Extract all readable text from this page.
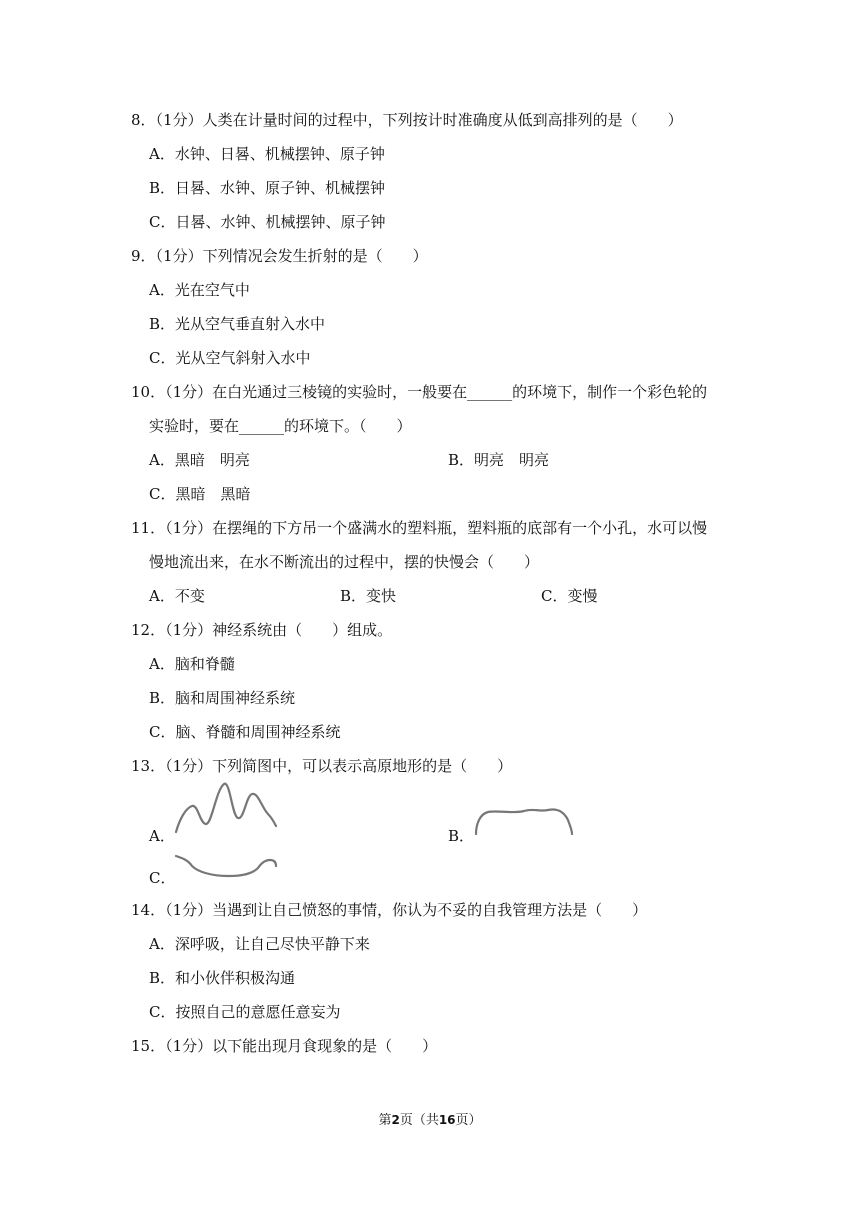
8．（1分）人类在计量时间的过程中，下列按计时准确度从低到高排列的是（　　）
A．水钟、日晷、机械摆钟、原子钟
B．日晷、水钟、原子钟、机械摆钟
C．日晷、水钟、机械摆钟、原子钟
9．（1分）下列情况会发生折射的是（　　）
A．光在空气中
B．光从空气垂直射入水中
C．光从空气斜射入水中
10．（1分）在白光通过三棱镜的实验时，一般要在______的环境下，制作一个彩色轮的
实验时，要在______的环境下。（　　）
A．黑暗　明亮	B．明亮　明亮
C．黑暗　黑暗
11．（1分）在摆绳的下方吊一个盛满水的塑料瓶，塑料瓶的底部有一个小孔，水可以慢
慢地流出来，在水不断流出的过程中，摆的快慢会（　　）
A．不变	B．变快	C．变慢
12．（1分）神经系统由（　　）组成。
A．脑和脊髓
B．脑和周围神经系统
C．脑、脊髓和周围神经系统
13．（1分）下列简图中，可以表示高原地形的是（　　）
A．	B．
C．
14．（1分）当遇到让自己愤怒的事情，你认为不妥的自我管理方法是（　　）
A．深呼吸，让自己尽快平静下来
B．和小伙伴积极沟通
C．按照自己的意愿任意妄为
15．（1分）以下能出现月食现象的是（　　）
第2页（共16页）
